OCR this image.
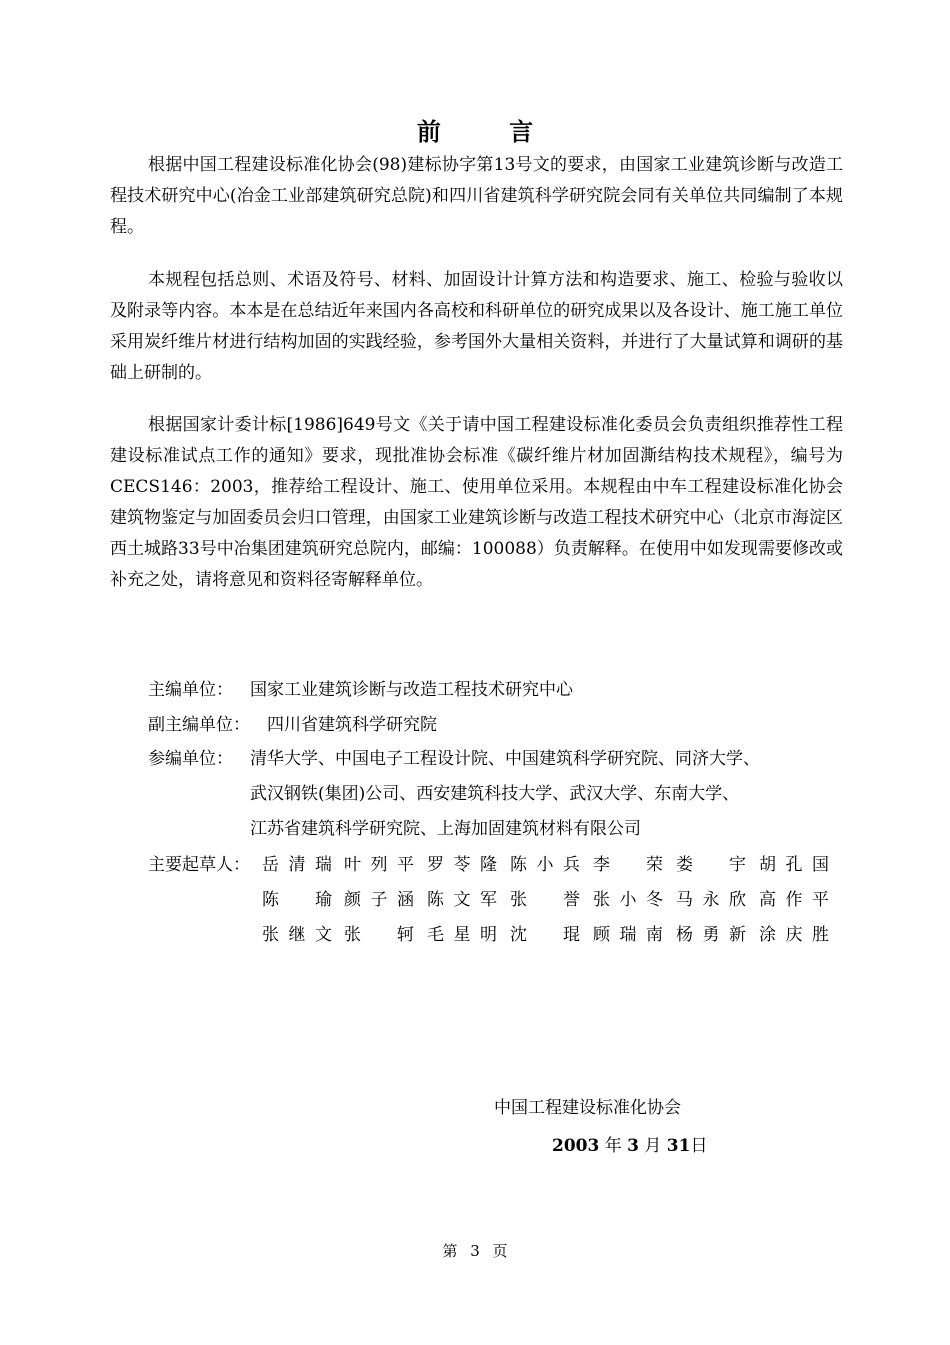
前 言

根据中国工程建设标准化协会(98)建标协字第13号文的要求，由国家工业建筑诊断与改造工程技术研究中心(冶金工业部建筑研究总院)和四川省建筑科学研究院会同有关单位共同编制了本规程。

本规程包括总则、术语及符号、材料、加固设计计算方法和构造要求、施工、检验与验收以及附录等内容。本本是在总结近年来国内各高校和科研单位的研究成果以及各设计、施工施工单位采用炭纤维片材进行结构加固的实践经验，参考国外大量相关资料，并进行了大量试算和调研的基础上研制的。

根据国家计委计标[1986]649号文《关于请中国工程建设标准化委员会负责组织推荐性工程建设标准试点工作的通知》要求，现批准协会标准《碳纤维片材加固澌结构技术规程》，编号为CECS146：2003，推荐给工程设计、施工、使用单位采用。本规程由中车工程建设标准化协会建筑物鉴定与加固委员会归口管理，由国家工业建筑诊断与改造工程技术研究中心（北京市海淀区西土城路33号中冶集团建筑研究总院内，邮编：100088）负责解释。在使用中如发现需要修改或补充之处，请将意见和资料径寄解释单位。

主编单位： 国家工业建筑诊断与改造工程技术研究中心
副主编单位： 四川省建筑科学研究院
参编单位： 清华大学、中国电子工程设计院、中国建筑科学研究院、同济大学、
武汉钢铁(集团)公司、西安建筑科技大学、武汉大学、东南大学、
江苏省建筑科学研究院、上海加固建筑材料有限公司
主要起草人： 岳清瑞 叶列平 罗苓隆 陈小兵 李 荣 娄 宇 胡孔国
陈 瑜 颜子涵 陈文军 张 誉 张小冬 马永欣 高作平
张继文 张 轲 毛星明 沈 琨 顾瑞南 杨勇新 涂庆胜
中国工程建设标准化协会
2003 年 3 月 31日
第 3 页
